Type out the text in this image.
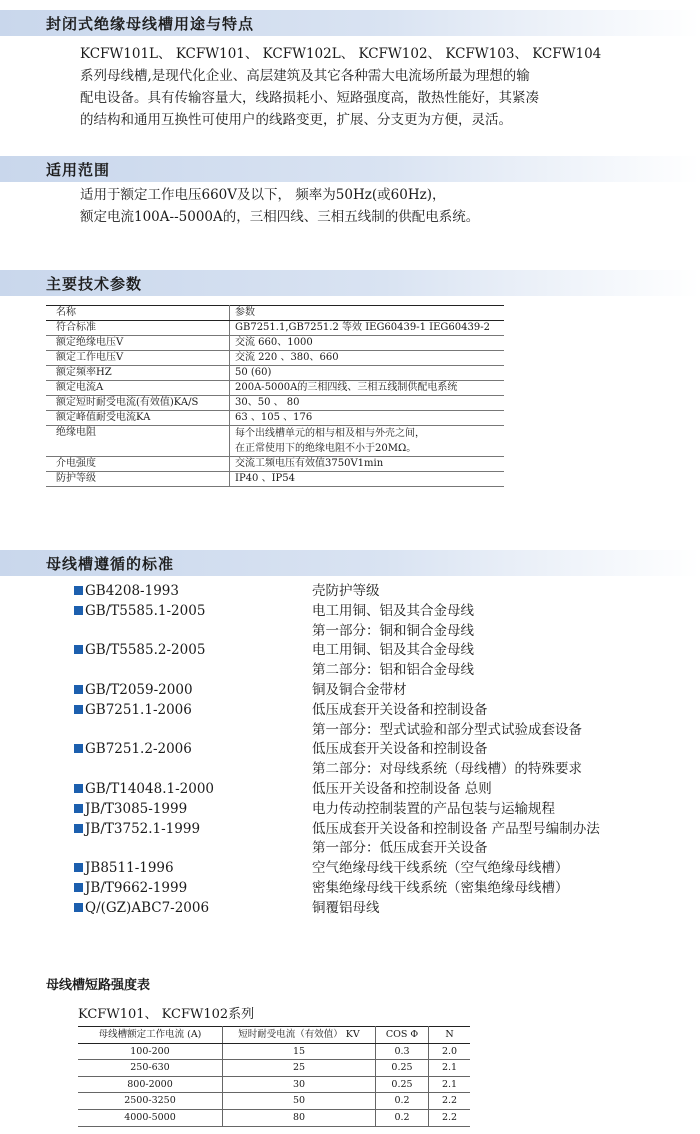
封闭式绝缘母线槽用途与特点
KCFW101L、 KCFW101、 KCFW102L、 KCFW102、 KCFW103、 KCFW104
系列母线槽,是现代化企业、高层建筑及其它各种需大电流场所最为理想的输
配电设备。具有传输容量大，线路损耗小、短路强度高，散热性能好，其紧凑
的结构和通用互换性可使用户的线路变更，扩展、分支更为方便，灵活。
适用范围
适用于额定工作电压660V及以下， 频率为50Hz(或60Hz)，
额定电流100A--5000A的，三相四线、三相五线制的供配电系统。
主要技术参数
名称	参数
符合标准	GB7251.1,GB7251.2 等效 IEG60439-1 IEG60439-2
额定绝缘电压V	交流 660、1000
额定工作电压V	交流 220 、380、660
额定频率HZ	50 (60)
额定电流A	200A-5000A的三相四线、三相五线制供配电系统
额定短时耐受电流(有效值)KA/S	30、50 、 80
额定峰值耐受电流KA	63 、105 、176
绝缘电阻	每个出线槽单元的相与相及相与外壳之间，
在正常使用下的绝缘电阻不小于20MΩ。

介电强度	交流工频电压有效值3750V1min
防护等级	IP40 、IP54
母线槽遵循的标准
GB4208-1993	壳防护等级
GB/T5585.1-2005	电工用铜、铝及其合金母线
第一部分：铜和铜合金母线
GB/T5585.2-2005	电工用铜、铝及其合金母线
第二部分：铝和铝合金母线
GB/T2059-2000	铜及铜合金带材
GB7251.1-2006	低压成套开关设备和控制设备
第一部分：型式试验和部分型式试验成套设备
GB7251.2-2006	低压成套开关设备和控制设备
第二部分：对母线系统（母线槽）的特殊要求
GB/T14048.1-2000	低压开关设备和控制设备 总则
JB/T3085-1999	电力传动控制装置的产品包装与运输规程
JB/T3752.1-1999	低压成套开关设备和控制设备 产品型号编制办法
第一部分：低压成套开关设备
JB8511-1996	空气绝缘母线干线系统（空气绝缘母线槽）
JB/T9662-1999	密集绝缘母线干线系统（密集绝缘母线槽）
Q/(GZ)ABC7-2006	铜覆铝母线
母线槽短路强度表
KCFW101、 KCFW102系列
母线槽额定工作电流 (A)	短时耐受电流（有效值） KV	COS Φ	N
100-200	15	0.3	2.0
250-630	25	0.25	2.1
800-2000	30	0.25	2.1
2500-3250	50	0.2	2.2
4000-5000	80	0.2	2.2
